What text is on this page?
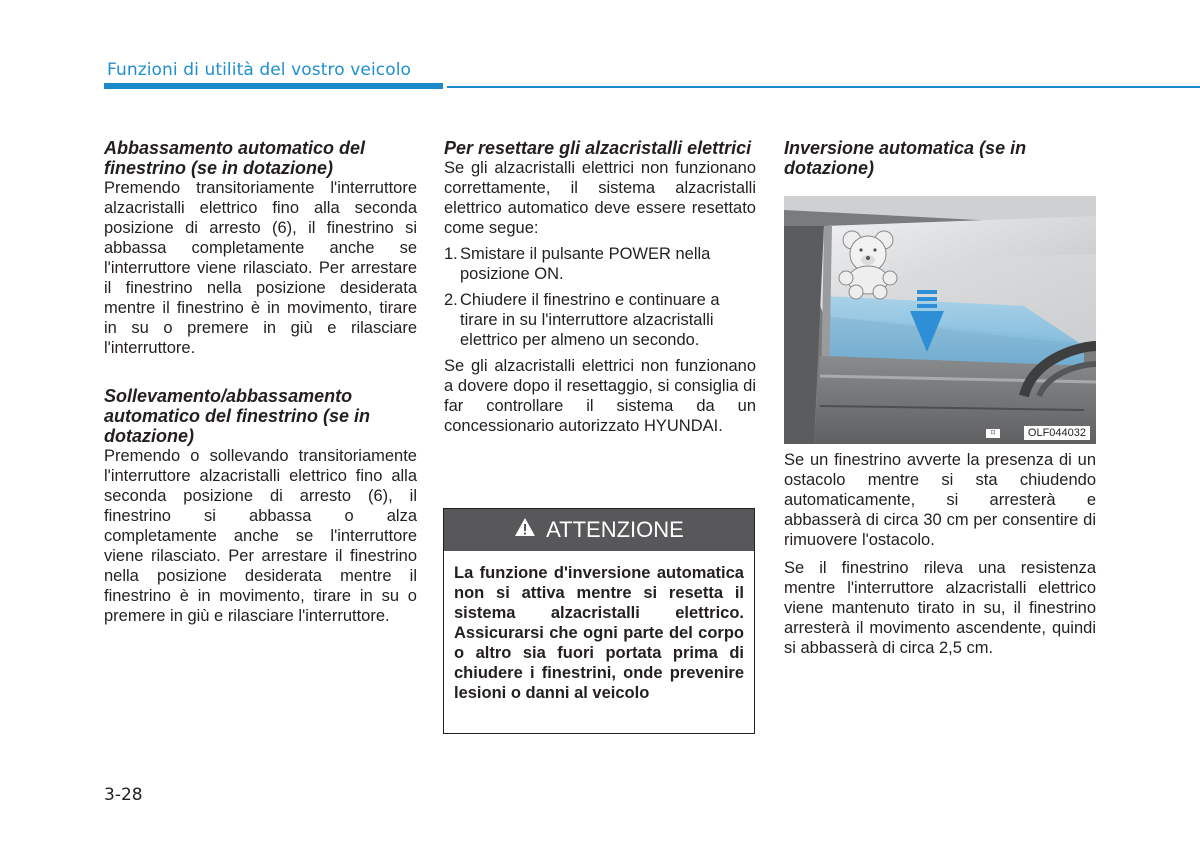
Funzioni di utilità del vostro veicolo
Abbassamento automatico del finestrino (se in dotazione)

Premendo transitoriamente l'interruttore alzacristalli elettrico fino alla seconda posizione di arresto (6), il finestrino si abbassa completamente anche se l'interruttore viene rilasciato. Per arrestare il finestrino nella posizione desiderata mentre il finestrino è in movimento, tirare in su o premere in giù e rilasciare l'interruttore.

Sollevamento/abbassamento automatico del finestrino (se in dotazione)

Premendo o sollevando transitoriamente l'interruttore alzacristalli elettrico fino alla seconda posizione di arresto (6), il finestrino si abbassa o alza completamente anche se l'interruttore viene rilasciato. Per arrestare il finestrino nella posizione desiderata mentre il finestrino è in movimento, tirare in su o premere in giù e rilasciare l'interruttore.

Per resettare gli alzacristalli elettrici

Se gli alzacristalli elettrici non funzionano correttamente, il sistema alzacristalli elettrico automatico deve essere resettato come segue:

1. Smistare il pulsante POWER nella posizione ON.
2. Chiudere il finestrino e continuare a tirare in su l'interruttore alzacristalli elettrico per almeno un secondo.

Se gli alzacristalli elettrici non funzionano a dovere dopo il resettaggio, si consiglia di far controllare il sistema da un concessionario autorizzato HYUNDAI.

ATTENZIONE
La funzione d'inversione automatica non si attiva mentre si resetta il sistema alzacristalli elettrico. Assicurarsi che ogni parte del corpo o altro sia fuori portata prima di chiudere i finestrini, onde prevenire lesioni o danni al veicolo
Inversione automatica (se in dotazione)
⊡	OLF044032

Se un finestrino avverte la presenza di un ostacolo mentre si sta chiudendo automaticamente, si arresterà e abbasserà di circa 30 cm per consentire di rimuovere l'ostacolo.

Se il finestrino rileva una resistenza mentre l'interruttore alzacristalli elettrico viene mantenuto tirato in su, il finestrino arresterà il movimento ascendente, quindi si abbasserà di circa 2,5 cm.

3-28
